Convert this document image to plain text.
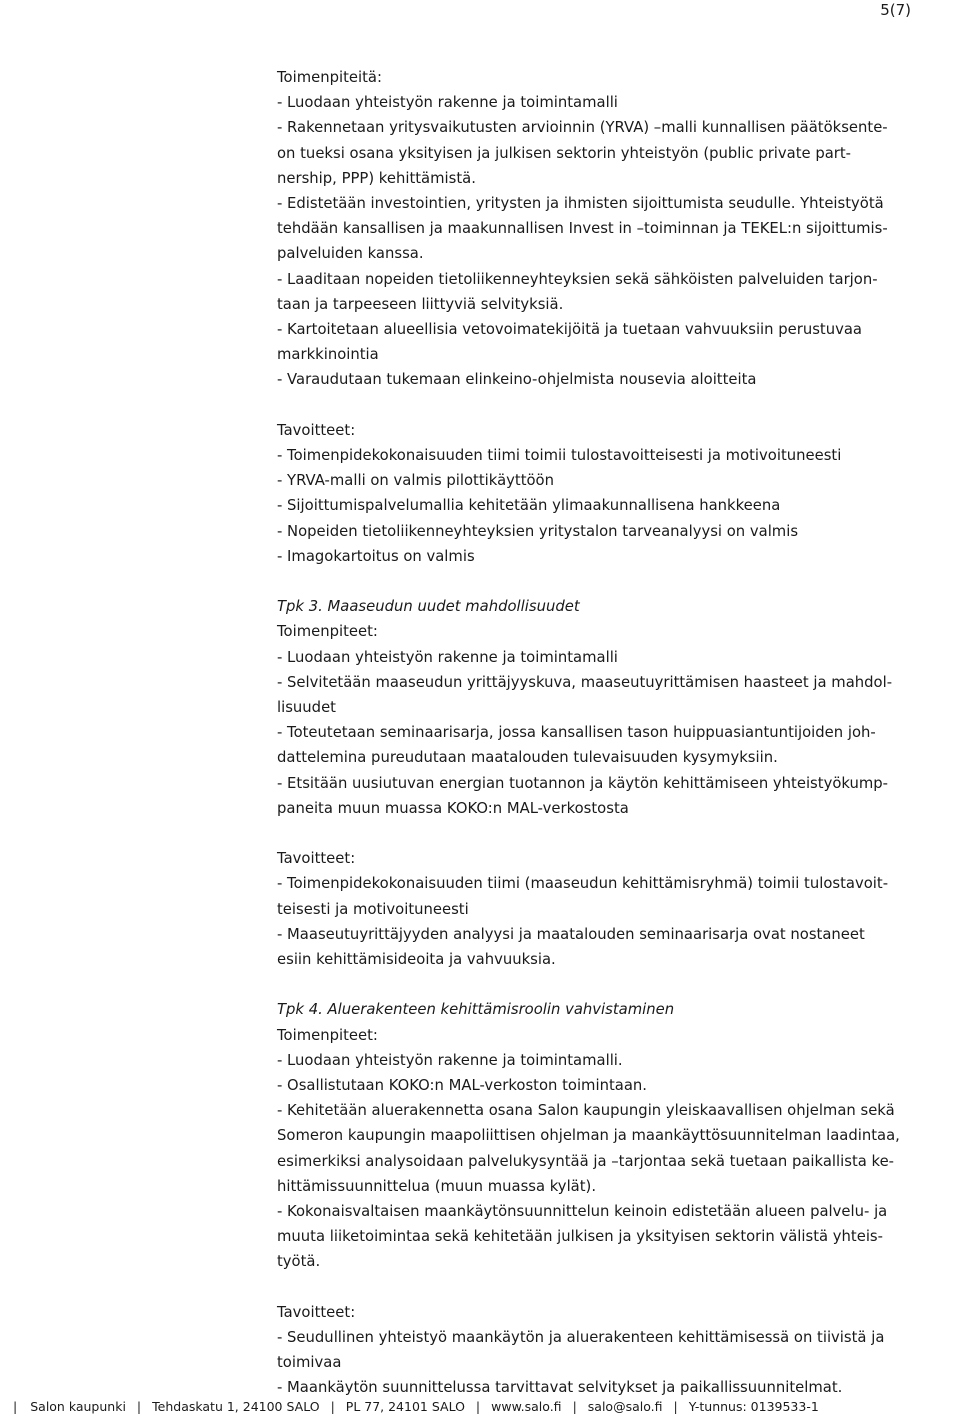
5(7)
Toimenpiteitä:
- Luodaan yhteistyön rakenne ja toimintamalli
- Rakennetaan yritysvaikutusten arvioinnin (YRVA) –malli kunnallisen päätöksente-
on tueksi osana yksityisen ja julkisen sektorin yhteistyön (public private part-
nership, PPP) kehittämistä.
- Edistetään investointien, yritysten ja ihmisten sijoittumista seudulle. Yhteistyötä
tehdään kansallisen ja maakunnallisen Invest in –toiminnan ja TEKEL:n sijoittumis-
palveluiden kanssa.
- Laaditaan nopeiden tietoliikenneyhteyksien sekä sähköisten palveluiden tarjon-
taan ja tarpeeseen liittyviä selvityksiä.
- Kartoitetaan alueellisia vetovoimatekijöitä ja tuetaan vahvuuksiin perustuvaa
markkinointia
- Varaudutaan tukemaan elinkeino-ohjelmista nousevia aloitteita
Tavoitteet:
- Toimenpidekokonaisuuden tiimi toimii tulostavoitteisesti ja motivoituneesti
- YRVA-malli on valmis pilottikäyttöön
- Sijoittumispalvelumallia kehitetään ylimaakunnallisena hankkeena
- Nopeiden tietoliikenneyhteyksien yritystalon tarveanalyysi on valmis
- Imagokartoitus on valmis
Tpk 3. Maaseudun uudet mahdollisuudet
Toimenpiteet:
- Luodaan yhteistyön rakenne ja toimintamalli
- Selvitetään maaseudun yrittäjyyskuva, maaseutuyrittämisen haasteet ja mahdol-
lisuudet
- Toteutetaan seminaarisarja, jossa kansallisen tason huippuasiantuntijoiden joh-
dattelemina pureudutaan maatalouden tulevaisuuden kysymyksiin.
- Etsitään uusiutuvan energian tuotannon ja käytön kehittämiseen yhteistyökump-
paneita muun muassa KOKO:n MAL-verkostosta
Tavoitteet:
- Toimenpidekokonaisuuden tiimi (maaseudun kehittämisryhmä) toimii tulostavoit-
teisesti ja motivoituneesti
- Maaseutuyrittäjyyden analyysi ja maatalouden seminaarisarja ovat nostaneet
esiin kehittämisideoita ja vahvuuksia.
Tpk 4. Aluerakenteen kehittämisroolin vahvistaminen
Toimenpiteet:
- Luodaan yhteistyön rakenne ja toimintamalli.
- Osallistutaan KOKO:n MAL-verkoston toimintaan.
- Kehitetään aluerakennetta osana Salon kaupungin yleiskaavallisen ohjelman sekä
Someron kaupungin maapoliittisen ohjelman ja maankäyttösuunnitelman laadintaa,
esimerkiksi analysoidaan palvelukysyntää ja –tarjontaa sekä tuetaan paikallista ke-
hittämissuunnittelua (muun muassa kylät).
- Kokonaisvaltaisen maankäytönsuunnittelun keinoin edistetään alueen palvelu- ja
muuta liiketoimintaa sekä kehitetään julkisen ja yksityisen sektorin välistä yhteis-
työtä.
Tavoitteet:
- Seudullinen yhteistyö maankäytön ja aluerakenteen kehittämisessä on tiivistä ja
toimivaa
- Maankäytön suunnittelussa tarvittavat selvitykset ja paikallissuunnitelmat.
|	Salon kaupunki | Tehdaskatu 1, 24100 SALO | PL 77, 24101 SALO | www.salo.fi | salo@salo.fi | Y-tunnus: 0139533-1
